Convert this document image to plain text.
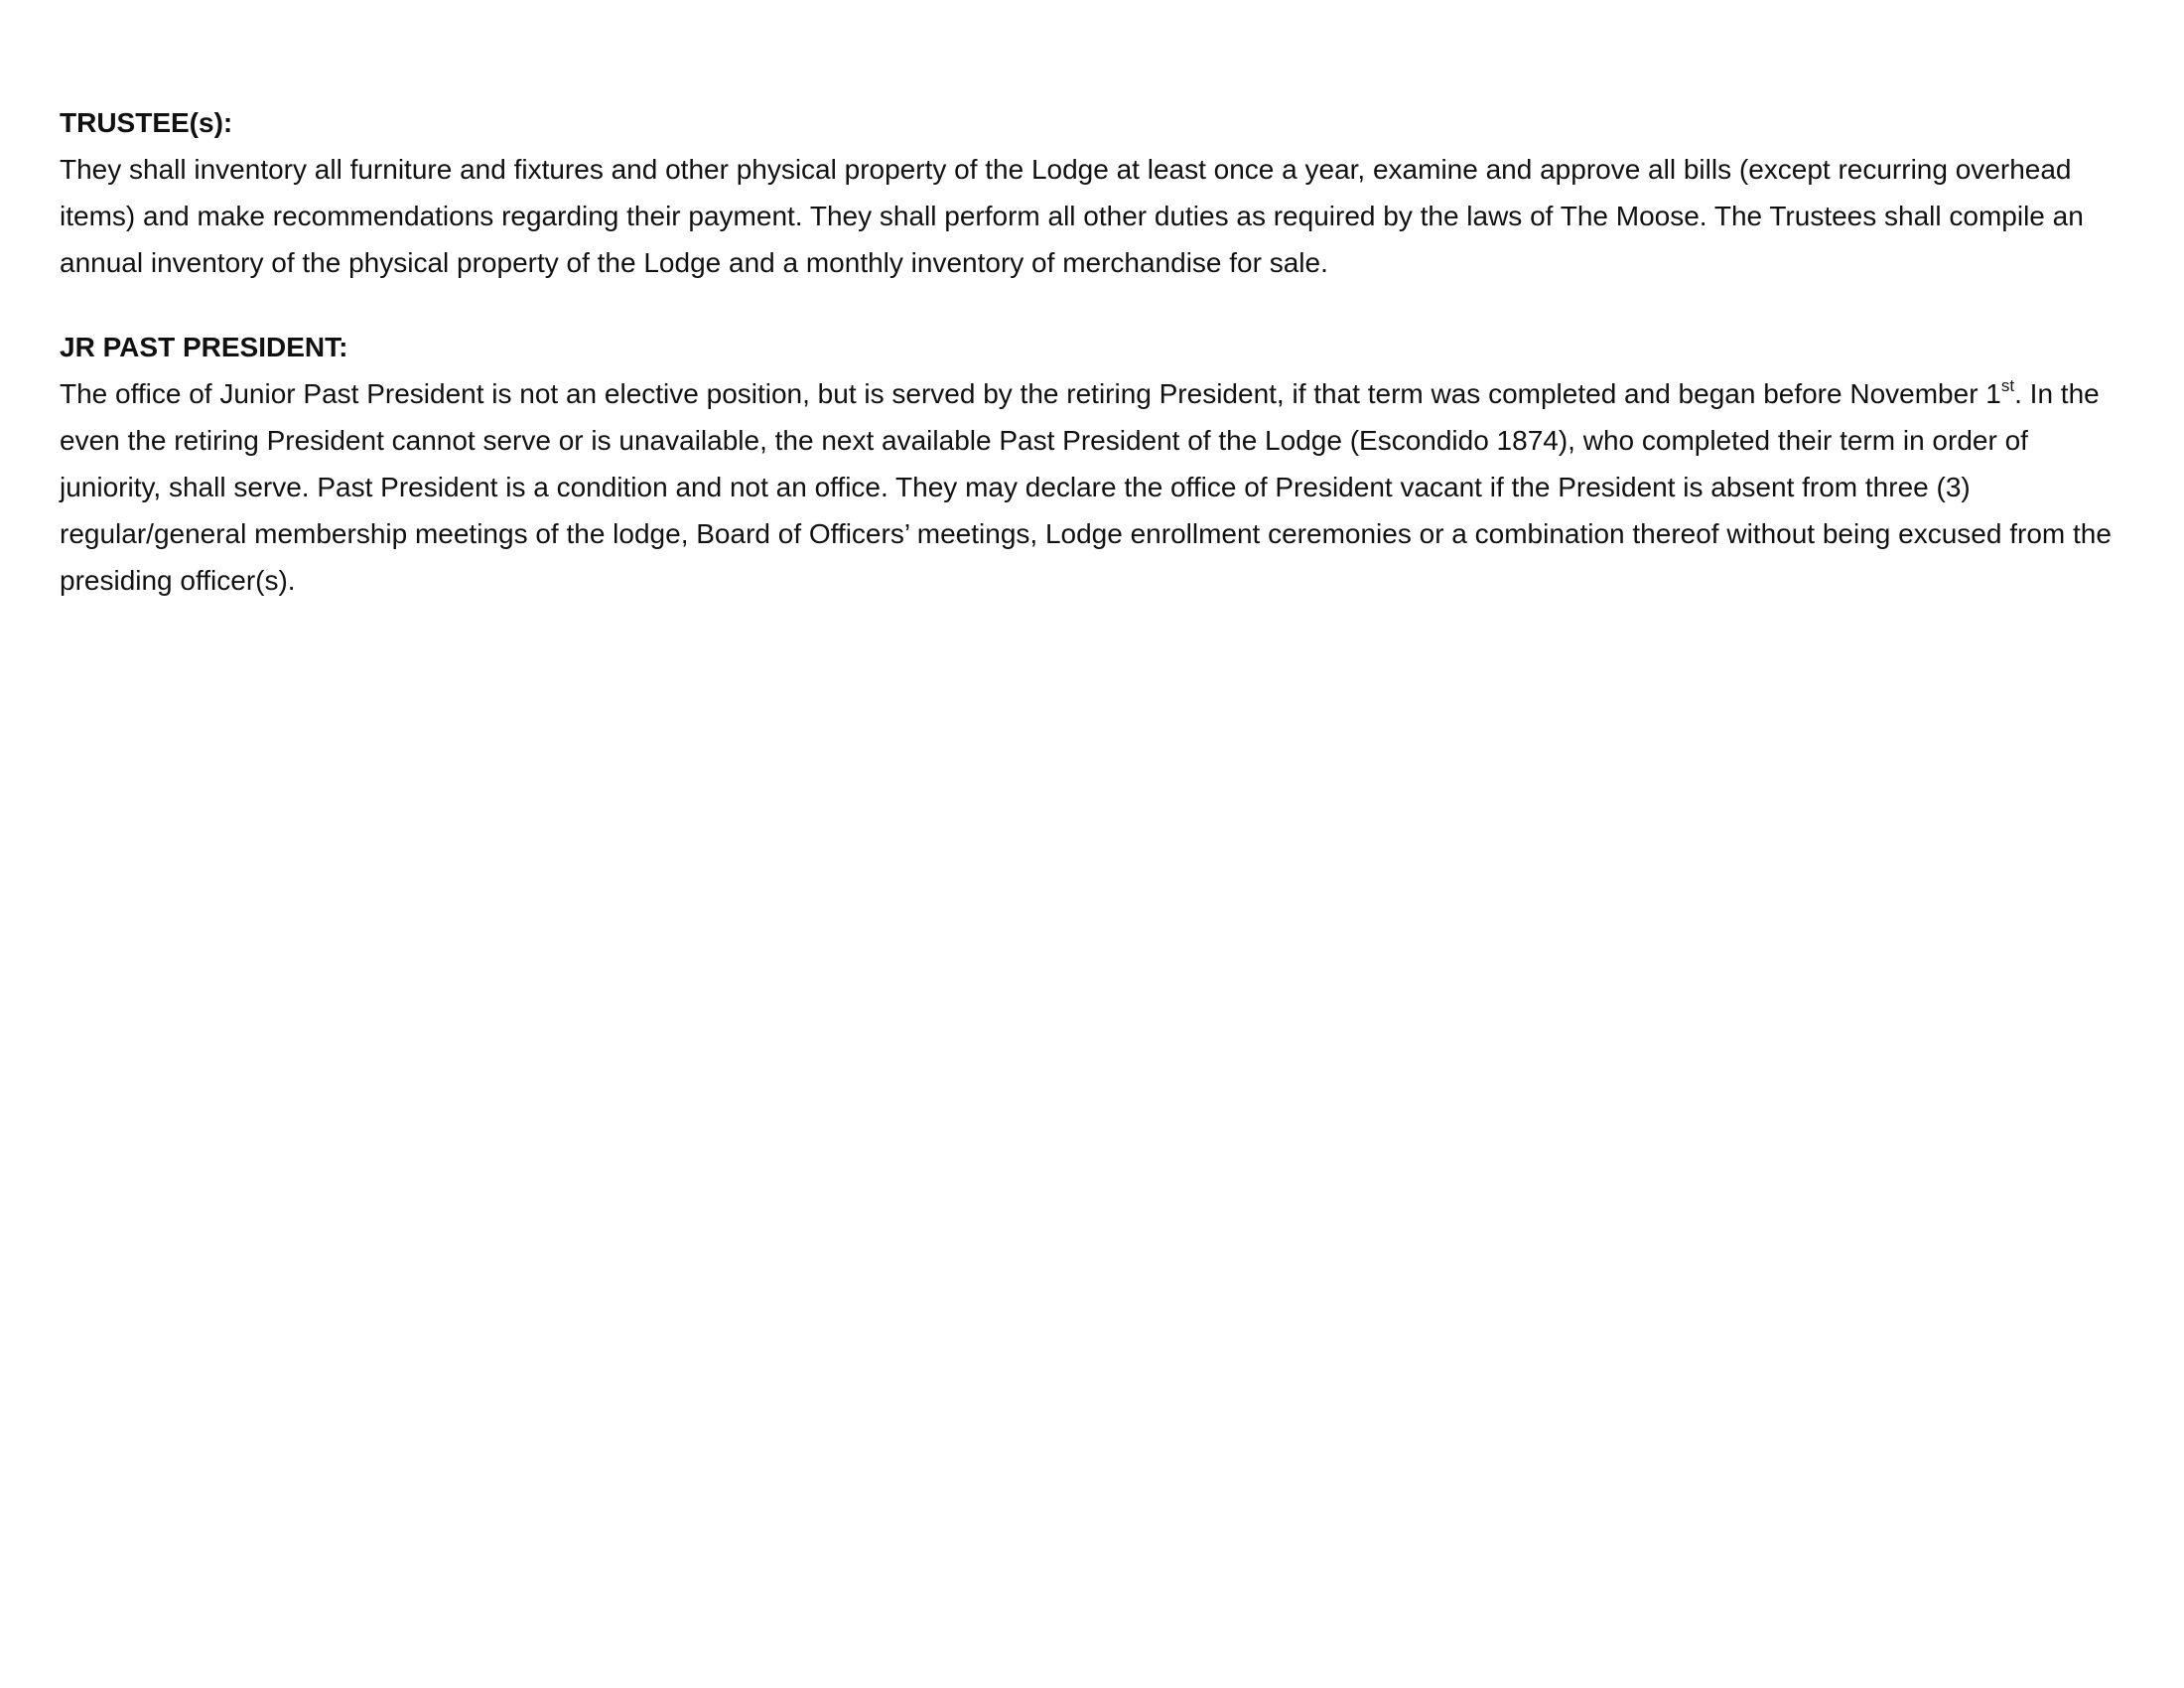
TRUSTEE(s):

They shall inventory all furniture and fixtures and other physical property of the Lodge at least once a year, examine and approve all bills (except recurring overhead items) and make recommendations regarding their payment. They shall perform all other duties as required by the laws of The Moose. The Trustees shall compile an annual inventory of the physical property of the Lodge and a monthly inventory of merchandise for sale.

JR PAST PRESIDENT:

The office of Junior Past President is not an elective position, but is served by the retiring President, if that term was completed and began before November 1st. In the even the retiring President cannot serve or is unavailable, the next available Past President of the Lodge (Escondido 1874), who completed their term in order of juniority, shall serve. Past President is a condition and not an office. They may declare the office of President vacant if the President is absent from three (3) regular/general membership meetings of the lodge, Board of Officers’ meetings, Lodge enrollment ceremonies or a combination thereof without being excused from the presiding officer(s).
